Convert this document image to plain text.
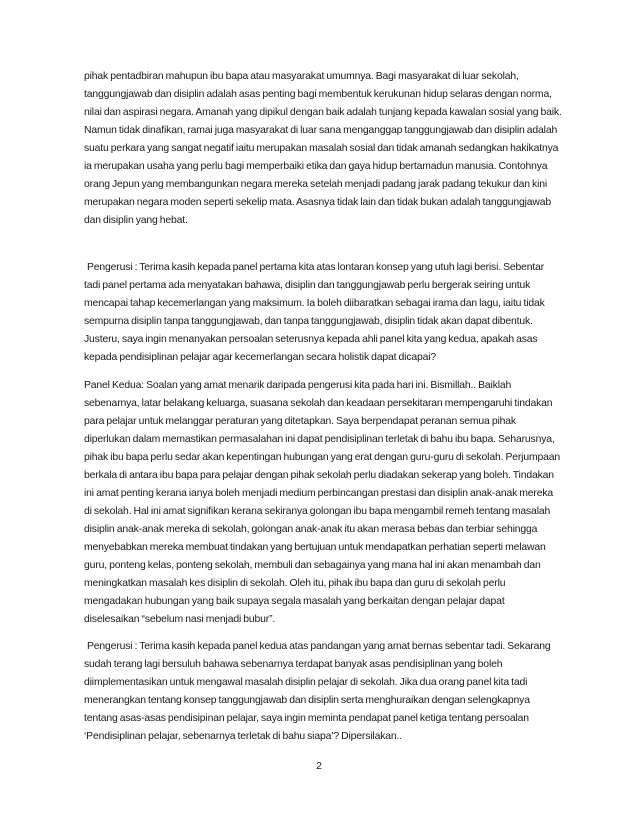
pihak pentadbiran mahupun ibu bapa atau masyarakat umumnya. Bagi masyarakat di luar sekolah, tanggungjawab dan disiplin adalah asas penting bagi membentuk kerukunan hidup selaras dengan norma, nilai dan aspirasi negara. Amanah yang dipikul dengan baik adalah tunjang kepada kawalan sosial yang baik. Namun tidak dinafikan, ramai juga masyarakat di luar sana menganggap tanggungjawab dan disiplin adalah suatu perkara yang sangat negatif iaitu merupakan masalah sosial dan tidak amanah sedangkan hakikatnya ia merupakan usaha yang perlu bagi memperbaiki etika dan gaya hidup bertamadun manusia. Contohnya orang Jepun yang membangunkan negara mereka setelah menjadi padang jarak padang tekukur dan kini merupakan negara moden seperti sekelip mata. Asasnya tidak lain dan tidak bukan adalah tanggungjawab dan disiplin yang hebat.

Pengerusi : Terima kasih kepada panel pertama kita atas lontaran konsep yang utuh lagi berisi. Sebentar tadi panel pertama ada menyatakan bahawa, disiplin dan tanggungjawab perlu bergerak seiring untuk mencapai tahap kecemerlangan yang maksimum. Ia boleh diibaratkan sebagai irama dan lagu, iaitu tidak sempurna disiplin tanpa tanggungjawab, dan tanpa tanggungjawab, disiplin tidak akan dapat dibentuk. Justeru, saya ingin menanyakan persoalan seterusnya kepada ahli panel kita yang kedua, apakah asas kepada pendisiplinan pelajar agar kecemerlangan secara holistik dapat dicapai?

Panel Kedua: Soalan yang amat menarik daripada pengerusi kita pada hari ini. Bismillah.. Baiklah sebenarnya, latar belakang keluarga, suasana sekolah dan keadaan persekitaran mempengaruhi tindakan para pelajar untuk melanggar peraturan yang ditetapkan. Saya berpendapat peranan semua pihak diperlukan dalam memastikan permasalahan ini dapat pendisiplinan terletak di bahu ibu bapa. Seharusnya, pihak ibu bapa perlu sedar akan kepentingan hubungan yang erat dengan guru-guru di sekolah. Perjumpaan berkala di antara ibu bapa para pelajar dengan pihak sekolah perlu diadakan sekerap yang boleh. Tindakan ini amat penting kerana ianya boleh menjadi medium perbincangan prestasi dan disiplin anak-anak mereka di sekolah. Hal ini amat signifikan kerana sekiranya golongan ibu bapa mengambil remeh tentang masalah disiplin anak-anak mereka di sekolah, golongan anak-anak itu akan merasa bebas dan terbiar sehingga menyebabkan mereka membuat tindakan yang bertujuan untuk mendapatkan perhatian seperti melawan guru, ponteng kelas, ponteng sekolah, membuli dan sebagainya yang mana hal ini akan menambah dan meningkatkan masalah kes disiplin di sekolah. Oleh itu, pihak ibu bapa dan guru di sekolah perlu mengadakan hubungan yang baik supaya segala masalah yang berkaitan dengan pelajar dapat diselesaikan “sebelum nasi menjadi bubur”.

Pengerusi : Terima kasih kepada panel kedua atas pandangan yang amat bernas sebentar tadi. Sekarang sudah terang lagi bersuluh bahawa sebenarnya terdapat banyak asas pendisiplinan yang boleh diimplementasikan untuk mengawal masalah disiplin pelajar di sekolah. Jika dua orang panel kita tadi menerangkan tentang konsep tanggungjawab dan disiplin serta menghuraikan dengan selengkapnya tentang asas-asas pendisipinan pelajar, saya ingin meminta pendapat panel ketiga tentang persoalan ‘Pendisiplinan pelajar, sebenarnya terletak di bahu siapa’? Dipersilakan..

2
